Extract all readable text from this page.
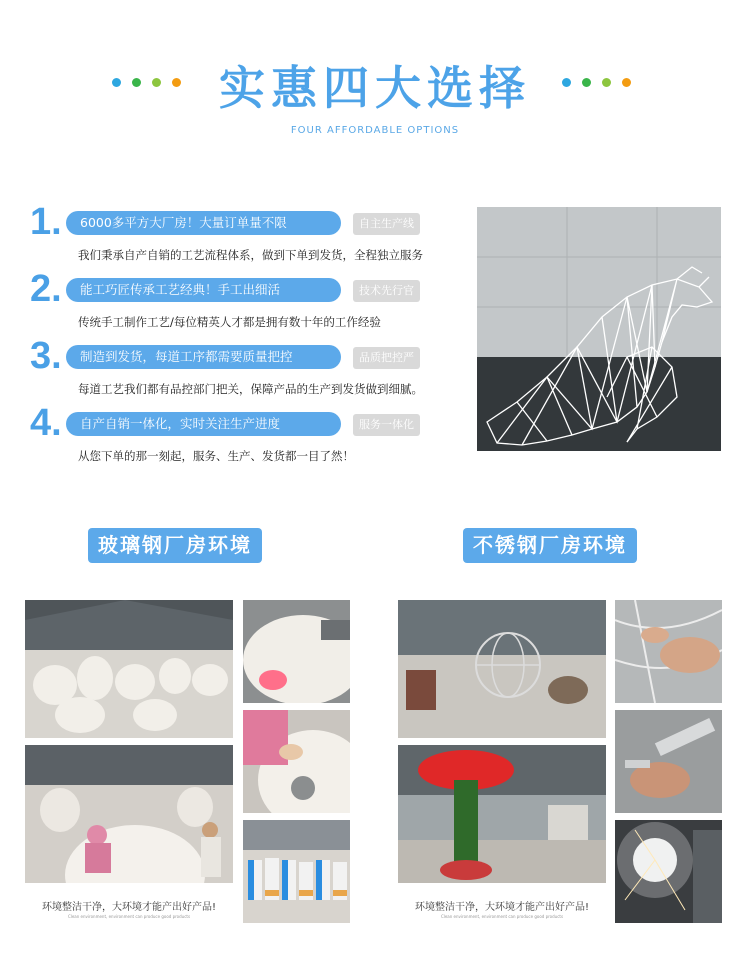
实惠四大选择
FOUR AFFORDABLE OPTIONS
1.	6000多平方大厂房！大量订单量不限	自主生产线
我们秉承自产自销的工艺流程体系，做到下单到发货，全程独立服务
2.	能工巧匠传承工艺经典！手工出细活	技术先行官
传统手工制作工艺/每位精英人才都是拥有数十年的工作经验
3.	制造到发货，每道工序都需要质量把控	品质把控严
每道工艺我们都有品控部门把关，保障产品的生产到发货做到细腻。
4.	自产自销一体化，实时关注生产进度	服务一体化
从您下单的那一刻起，服务、生产、发货都一目了然！
玻璃钢厂房环境	不锈钢厂房环境
环境整洁干净，大环境才能产出好产品!
Clean environment, environment can produce good products
环境整洁干净，大环境才能产出好产品!
Clean environment, environment can produce good products
